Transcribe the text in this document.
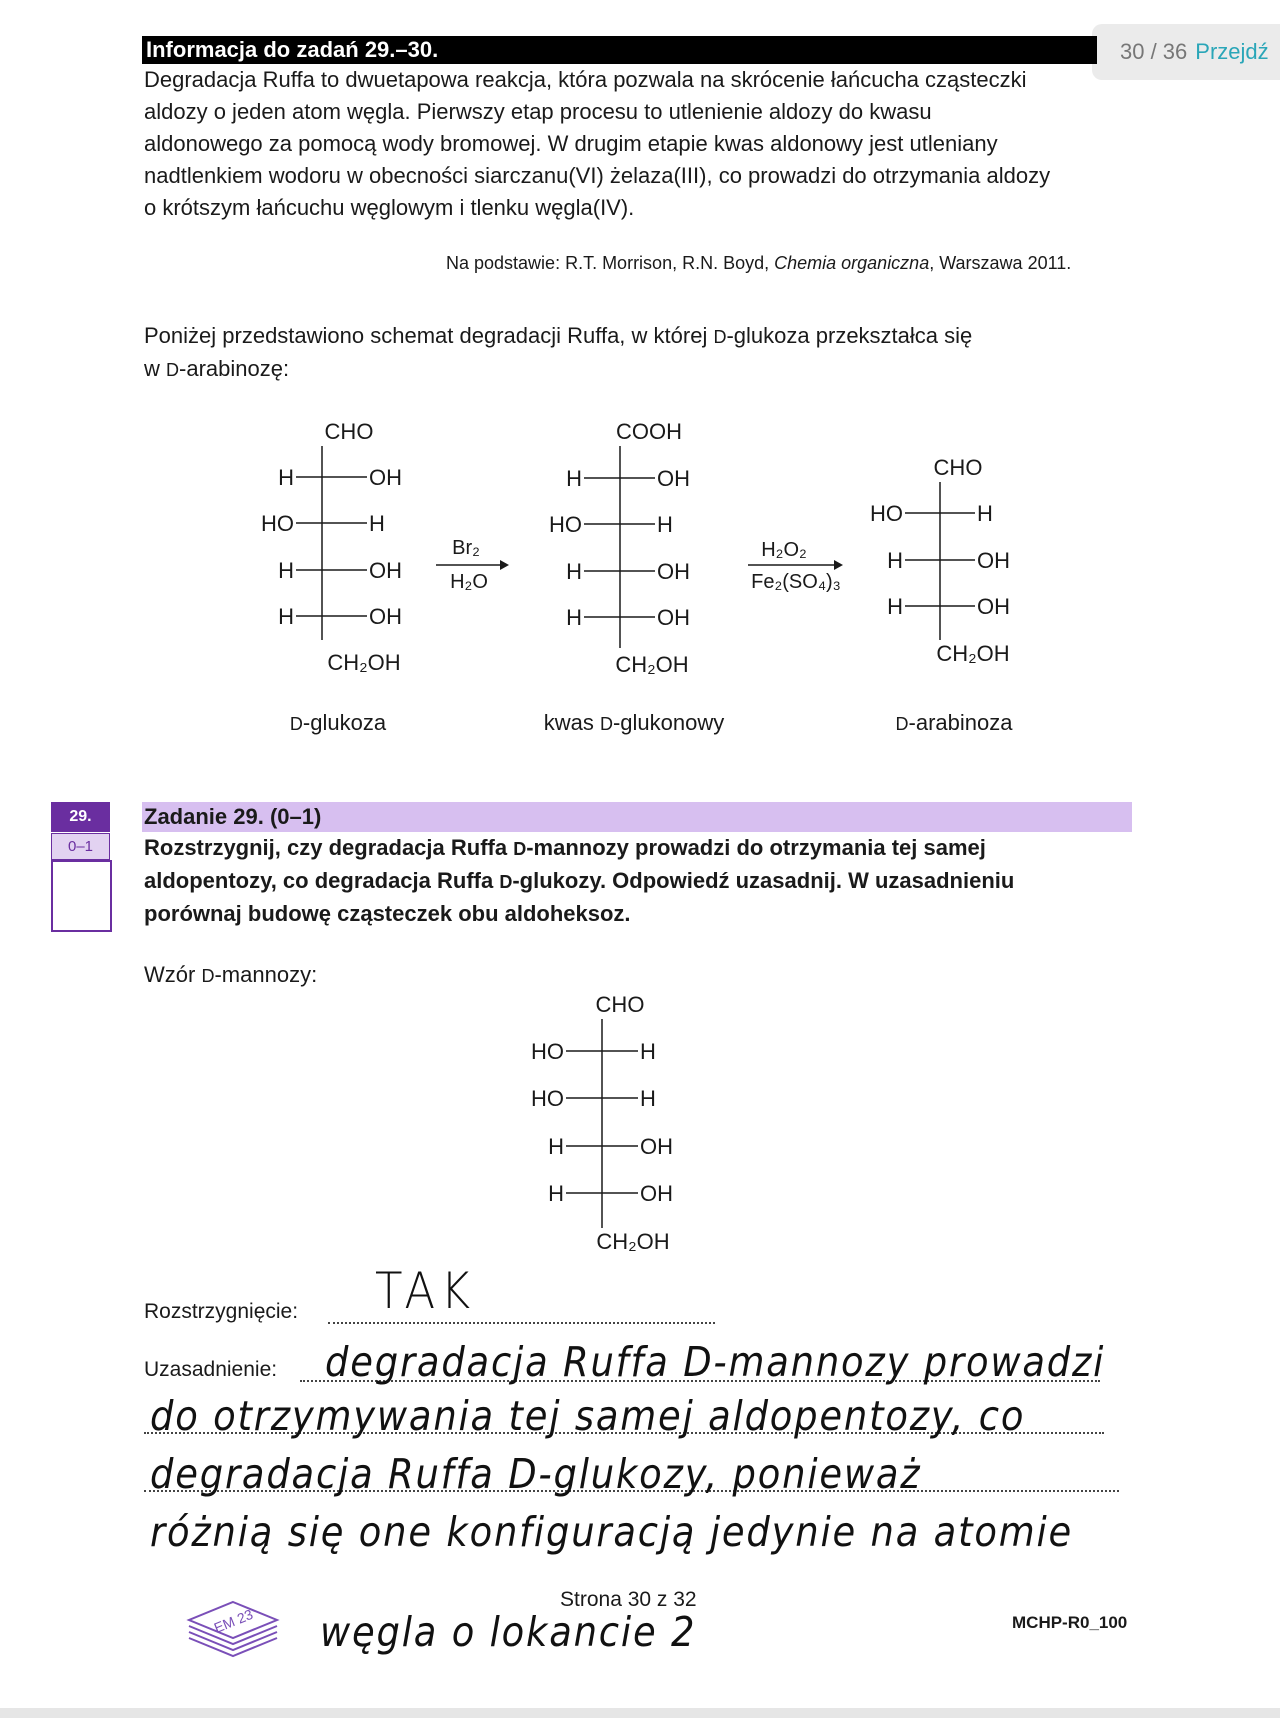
30 / 36 Przejdź
Informacja do zadań 29.–30.
Degradacja Ruffa to dwuetapowa reakcja, która pozwala na skrócenie łańcucha cząsteczki
aldozy o jeden atom węgla. Pierwszy etap procesu to utlenienie aldozy do kwasu
aldonowego za pomocą wody bromowej. W drugim etapie kwas aldonowy jest utleniany
nadtlenkiem wodoru w obecności siarczanu(VI) żelaza(III), co prowadzi do otrzymania aldozy
o krótszym łańcuchu węglowym i tlenku węgla(IV).
Na podstawie: R.T. Morrison, R.N. Boyd, Chemia organiczna, Warszawa 2011.
Poniżej przedstawiono schemat degradacji Ruffa, w której D-glukoza przekształca się
w D-arabinozę:
CHO
H	OH
HO	H
H	OH
H	OH
CH₂OH
D-glukoza
Br₂
H₂O
COOH
H	OH
HO	H
H	OH
H	OH
CH₂OH
kwas D-glukonowy
H₂O₂
Fe₂(SO₄)₃
CHO
HO	H
H	OH
H	OH
CH₂OH
D-arabinoza
CHO
HO	H
HO	H
H	OH
H	OH
CH₂OH
29.
0–1
Zadanie 29. (0–1)
Rozstrzygnij, czy degradacja Ruffa D-mannozy prowadzi do otrzymania tej samej
aldopentozy, co degradacja Ruffa D-glukozy. Odpowiedź uzasadnij. W uzasadnieniu
porównaj budowę cząsteczek obu aldoheksoz.
Wzór D-mannozy:
Rozstrzygnięcie: TAK
Uzasadnienie: degradacja Ruffa D-mannozy prowadzi
do otrzymywania tej samej aldopentozy, co
degradacja Ruffa D-glukozy, ponieważ
różnią się one konfiguracją jedynie na atomie
węgla o lokancie 2
EM 23
Strona 30 z 32
MCHP-R0_100
